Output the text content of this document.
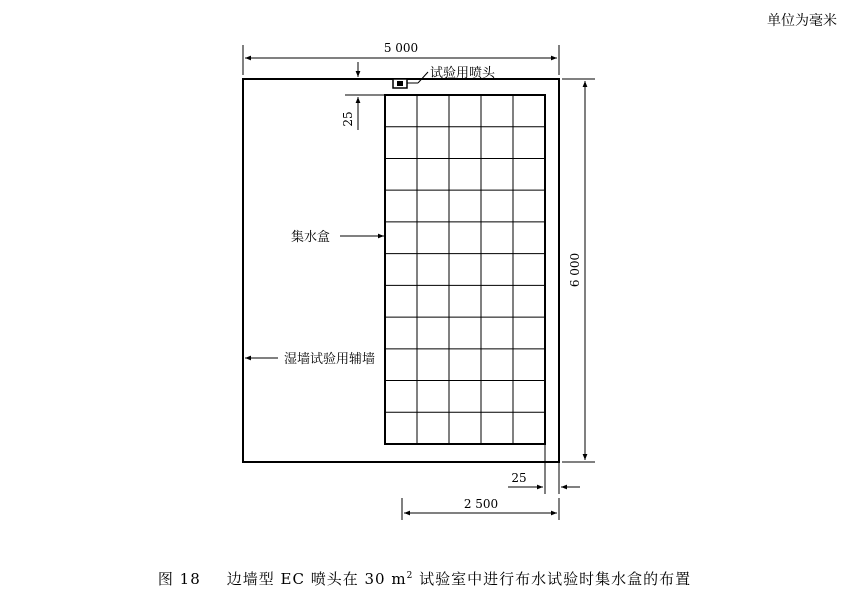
单位为毫米
试验用喷头
5 000
6 000
25
集水盒
湿墙试验用辅墙
25
2 500
图 18 边墙型 EC 喷头在 30 $m^2$ 试验室中进行布水试验时集水盒的布置
